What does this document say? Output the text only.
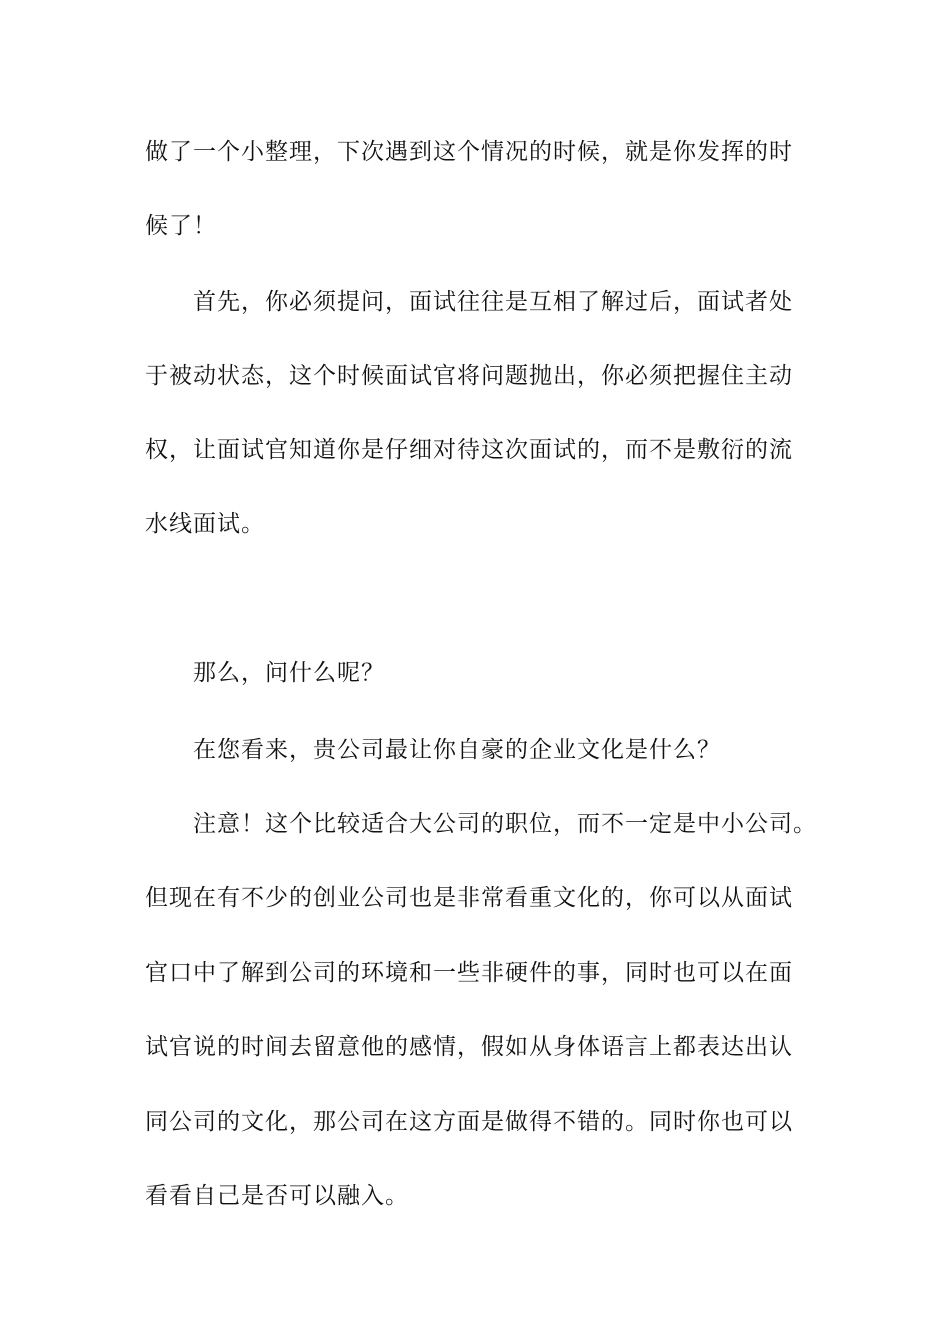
做了一个小整理，下次遇到这个情况的时候，就是你发挥的时
候了！
首先，你必须提问，面试往往是互相了解过后，面试者处
于被动状态，这个时候面试官将问题抛出，你必须把握住主动
权，让面试官知道你是仔细对待这次面试的，而不是敷衍的流
水线面试。
那么，问什么呢？
在您看来，贵公司最让你自豪的企业文化是什么？
注意！这个比较适合大公司的职位，而不一定是中小公司。
但现在有不少的创业公司也是非常看重文化的，你可以从面试
官口中了解到公司的环境和一些非硬件的事，同时也可以在面
试官说的时间去留意他的感情，假如从身体语言上都表达出认
同公司的文化，那公司在这方面是做得不错的。同时你也可以
看看自己是否可以融入。
